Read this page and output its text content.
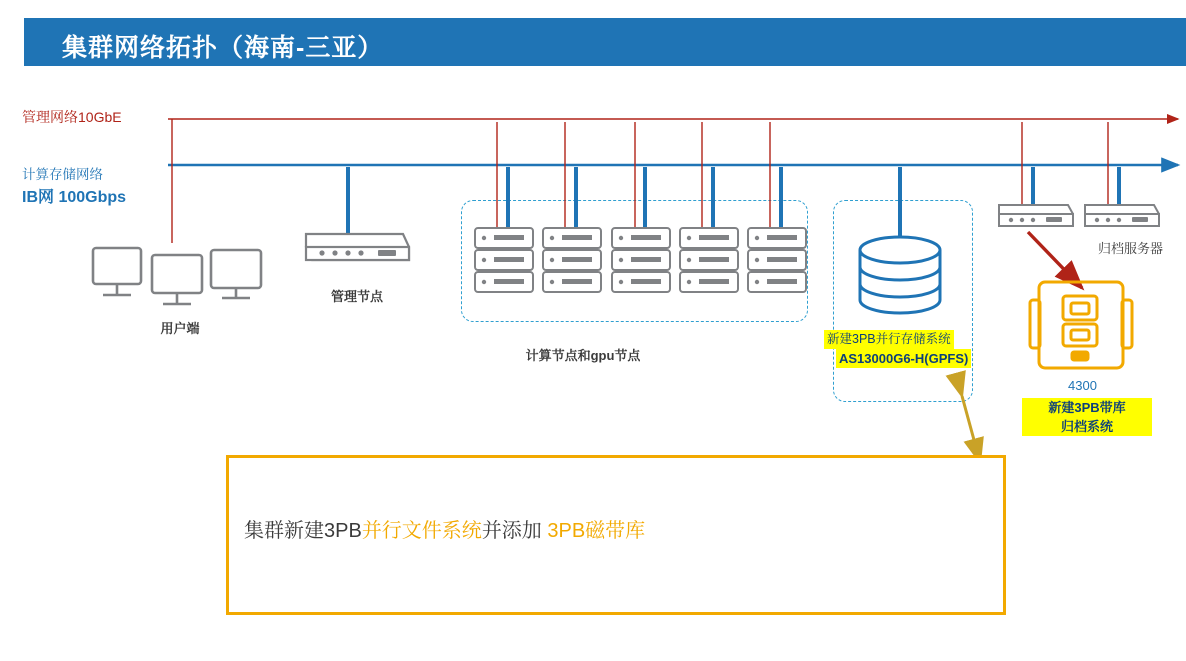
集群网络拓扑（海南-三亚）
管理网络10GbE
计算存储网络
IB网 100Gbps
用户端
管理节点
计算节点和gpu节点
归档服务器
新建3PB并行存储系统
AS13000G6-H(GPFS)
4300
新建3PB带库
归档系统
集群新建3PB并行文件系统并添加 3PB磁带库
